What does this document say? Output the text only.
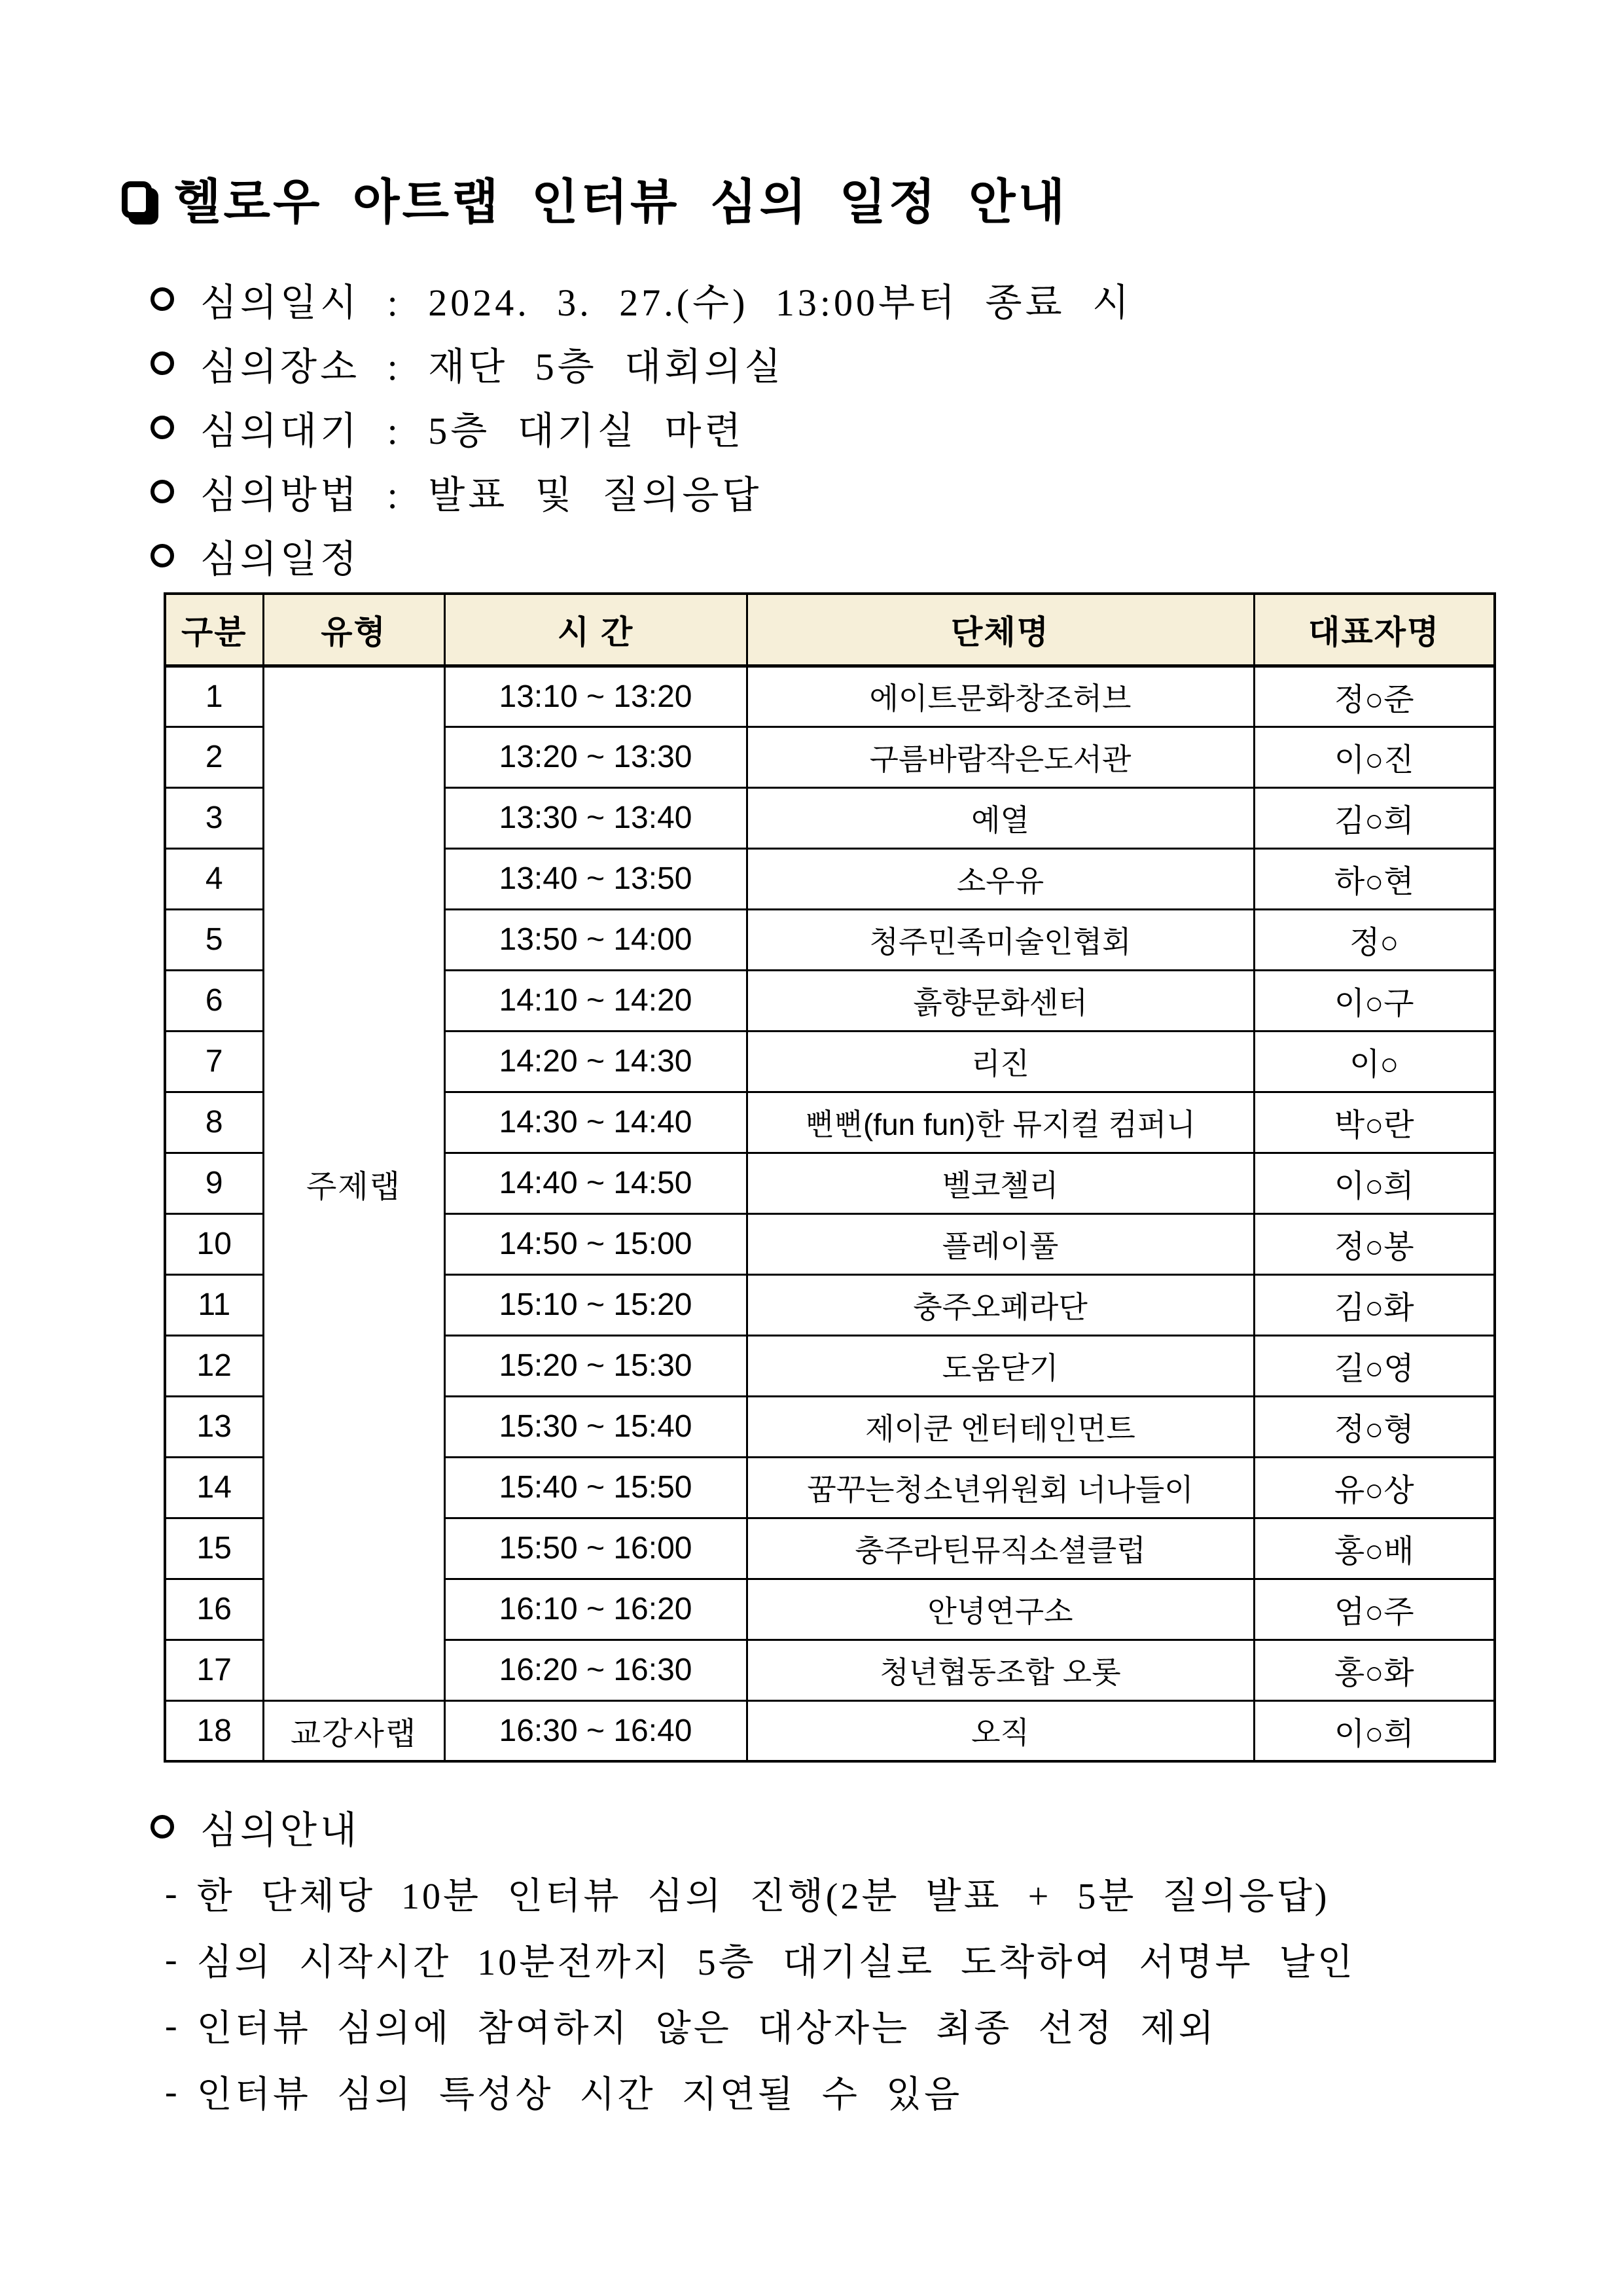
헬로우 아트랩 인터뷰 심의 일정 안내
심의일시 : 2024. 3. 27.(수) 13:00부터 종료 시
심의장소 : 재단 5층 대회의실
심의대기 : 5층 대기실 마련
심의방법 : 발표 및 질의응답
심의일정
구분	유형	시 간	단체명	대표자명
1	주제랩	13:10 ~ 13:20	에이트문화창조허브	정○준
2		13:20 ~ 13:30	구름바람작은도서관	이○진
3		13:30 ~ 13:40	예열	김○희
4		13:40 ~ 13:50	소우유	하○현
5		13:50 ~ 14:00	청주민족미술인협회	정○
6		14:10 ~ 14:20	흙향문화센터	이○구
7		14:20 ~ 14:30	리진	이○
8		14:30 ~ 14:40	뻔뻔(fun fun)한 뮤지컬 컴퍼니	박○란
9		14:40 ~ 14:50	벨코첼리	이○희
10		14:50 ~ 15:00	플레이풀	정○봉
11		15:10 ~ 15:20	충주오페라단	김○화
12		15:20 ~ 15:30	도움닫기	길○영
13		15:30 ~ 15:40	제이쿤 엔터테인먼트	정○형
14		15:40 ~ 15:50	꿈꾸는청소년위원회 너나들이	유○상
15		15:50 ~ 16:00	충주라틴뮤직소셜클럽	홍○배
16		16:10 ~ 16:20	안녕연구소	엄○주
17		16:20 ~ 16:30	청년협동조합 오롯	홍○화
18	교강사랩	16:30 ~ 16:40	오직	이○희
심의안내
- 한 단체당 10분 인터뷰 심의 진행(2분 발표 + 5분 질의응답)
- 심의 시작시간 10분전까지 5층 대기실로 도착하여 서명부 날인
- 인터뷰 심의에 참여하지 않은 대상자는 최종 선정 제외
- 인터뷰 심의 특성상 시간 지연될 수 있음
